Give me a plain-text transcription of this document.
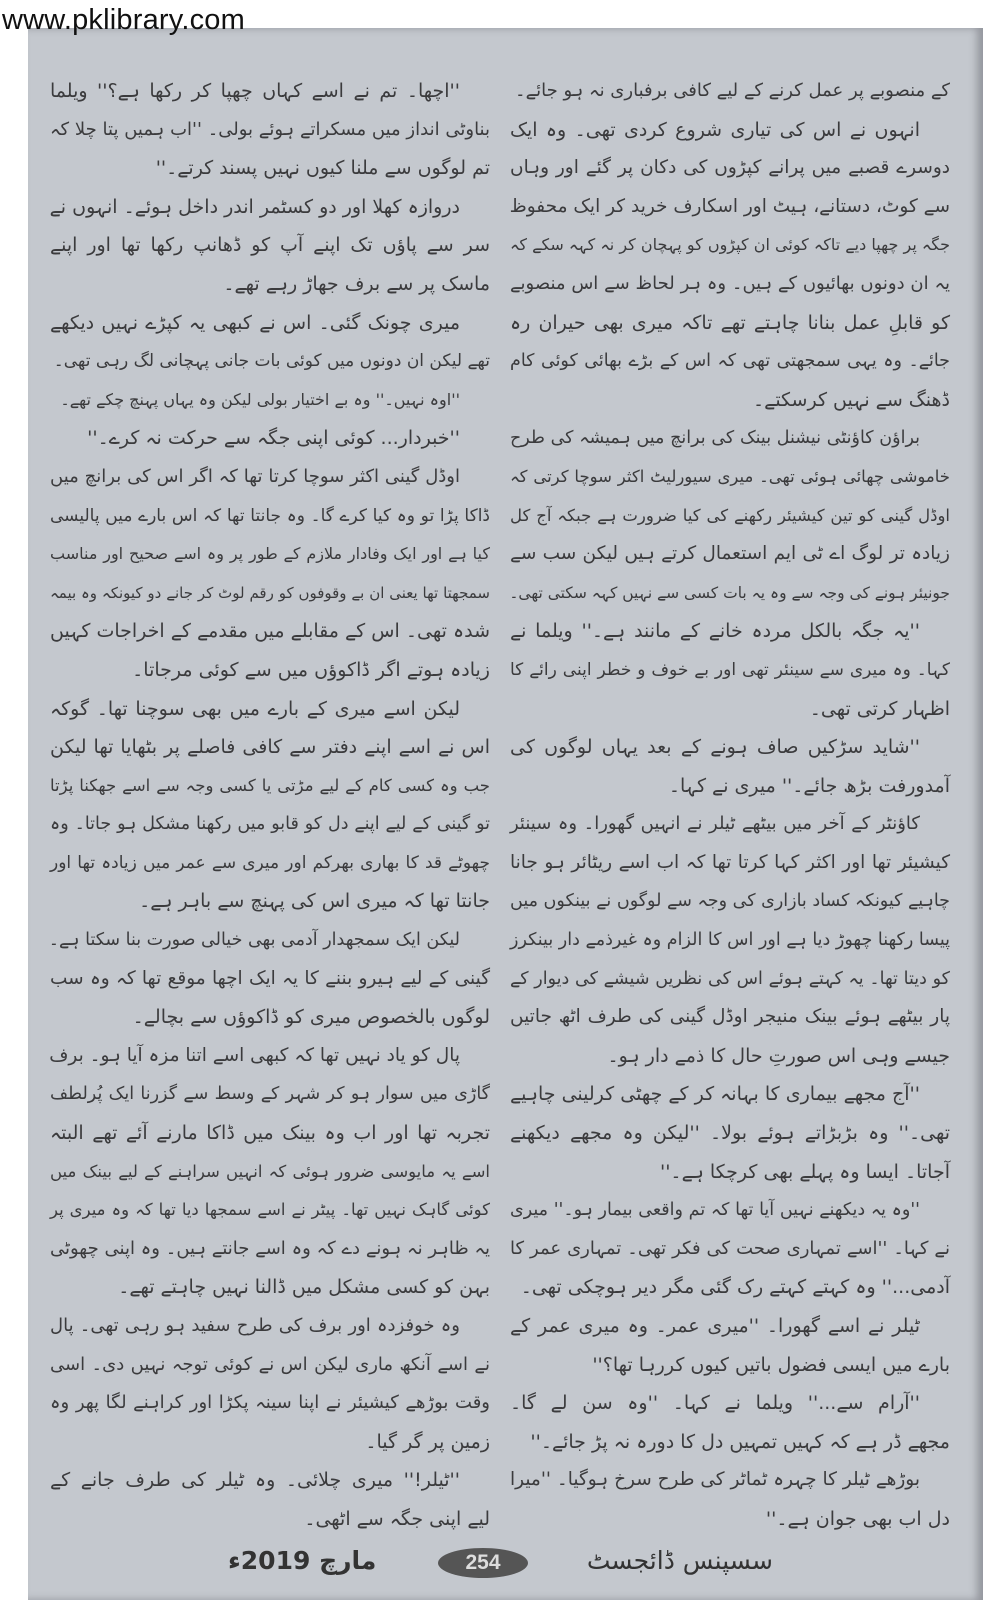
www.pklibrary.com
کے منصوبے پر عمل کرنے کے لیے کافی برفباری نہ ہو جائے۔
انہوں نے اس کی تیاری شروع کردی تھی۔ وہ ایک
دوسرے قصبے میں پرانے کپڑوں کی دکان پر گئے اور وہاں
سے کوٹ، دستانے، ہیٹ اور اسکارف خرید کر ایک محفوظ
جگہ پر چھپا دیے تاکہ کوئی ان کپڑوں کو پہچان کر نہ کہہ سکے کہ
یہ ان دونوں بھائیوں کے ہیں۔ وہ ہر لحاظ سے اس منصوبے
کو قابلِ عمل بنانا چاہتے تھے تاکہ میری بھی حیران رہ
جائے۔ وہ یہی سمجھتی تھی کہ اس کے بڑے بھائی کوئی کام
ڈھنگ سے نہیں کرسکتے۔
براؤن کاؤنٹی نیشنل بینک کی برانچ میں ہمیشہ کی طرح
خاموشی چھائی ہوئی تھی۔ میری سیورلیٹ اکثر سوچا کرتی کہ
اوڈل گینی کو تین کیشیئر رکھنے کی کیا ضرورت ہے جبکہ آج کل
زیادہ تر لوگ اے ٹی ایم استعمال کرتے ہیں لیکن سب سے
جونیئر ہونے کی وجہ سے وہ یہ بات کسی سے نہیں کہہ سکتی تھی۔
''یہ جگہ بالکل مردہ خانے کے مانند ہے۔'' ویلما نے
کہا۔ وہ میری سے سینئر تھی اور بے خوف و خطر اپنی رائے کا
اظہار کرتی تھی۔
''شاید سڑکیں صاف ہونے کے بعد یہاں لوگوں کی
آمدورفت بڑھ جائے۔'' میری نے کہا۔
کاؤنٹر کے آخر میں بیٹھے ٹیلر نے انہیں گھورا۔ وہ سینئر
کیشیئر تھا اور اکثر کہا کرتا تھا کہ اب اسے ریٹائر ہو جانا
چاہیے کیونکہ کساد بازاری کی وجہ سے لوگوں نے بینکوں میں
پیسا رکھنا چھوڑ دیا ہے اور اس کا الزام وہ غیرذمے دار بینکرز
کو دیتا تھا۔ یہ کہتے ہوئے اس کی نظریں شیشے کی دیوار کے
پار بیٹھے ہوئے بینک منیجر اوڈل گینی کی طرف اٹھ جاتیں
جیسے وہی اس صورتِ حال کا ذمے دار ہو۔
''آج مجھے بیماری کا بہانہ کر کے چھٹی کرلینی چاہیے
تھی۔'' وہ بڑبڑاتے ہوئے بولا۔ ''لیکن وہ مجھے دیکھنے
آجاتا۔ ایسا وہ پہلے بھی کرچکا ہے۔''
''وہ یہ دیکھنے نہیں آیا تھا کہ تم واقعی بیمار ہو۔'' میری
نے کہا۔ ''اسے تمہاری صحت کی فکر تھی۔ تمہاری عمر کا
آدمی...'' وہ کہتے کہتے رک گئی مگر دیر ہوچکی تھی۔
ٹیلر نے اسے گھورا۔ ''میری عمر۔ وہ میری عمر کے
بارے میں ایسی فضول باتیں کیوں کررہا تھا؟''
''آرام سے...'' ویلما نے کہا۔ ''وہ سن لے گا۔
مجھے ڈر ہے کہ کہیں تمہیں دل کا دورہ نہ پڑ جائے۔''
بوڑھے ٹیلر کا چہرہ ٹماٹر کی طرح سرخ ہوگیا۔ ''میرا
دل اب بھی جوان ہے۔''
''اچھا۔ تم نے اسے کہاں چھپا کر رکھا ہے؟'' ویلما
بناوٹی انداز میں مسکراتے ہوئے بولی۔ ''اب ہمیں پتا چلا کہ
تم لوگوں سے ملنا کیوں نہیں پسند کرتے۔''
دروازہ کھلا اور دو کسٹمر اندر داخل ہوئے۔ انہوں نے
سر سے پاؤں تک اپنے آپ کو ڈھانپ رکھا تھا اور اپنے
ماسک پر سے برف جھاڑ رہے تھے۔
میری چونک گئی۔ اس نے کبھی یہ کپڑے نہیں دیکھے
تھے لیکن ان دونوں میں کوئی بات جانی پہچانی لگ رہی تھی۔
''اوہ نہیں۔'' وہ بے اختیار بولی لیکن وہ یہاں پہنچ چکے تھے۔
''خبردار... کوئی اپنی جگہ سے حرکت نہ کرے۔''
اوڈل گینی اکثر سوچا کرتا تھا کہ اگر اس کی برانچ میں
ڈاکا پڑا تو وہ کیا کرے گا۔ وہ جانتا تھا کہ اس بارے میں پالیسی
کیا ہے اور ایک وفادار ملازم کے طور پر وہ اسے صحیح اور مناسب
سمجھتا تھا یعنی ان بے وقوفوں کو رقم لوٹ کر جانے دو کیونکہ وہ بیمہ
شدہ تھی۔ اس کے مقابلے میں مقدمے کے اخراجات کہیں
زیادہ ہوتے اگر ڈاکوؤں میں سے کوئی مرجاتا۔
لیکن اسے میری کے بارے میں بھی سوچنا تھا۔ گوکہ
اس نے اسے اپنے دفتر سے کافی فاصلے پر بٹھایا تھا لیکن
جب وہ کسی کام کے لیے مڑتی یا کسی وجہ سے اسے جھکنا پڑتا
تو گینی کے لیے اپنے دل کو قابو میں رکھنا مشکل ہو جاتا۔ وہ
چھوٹے قد کا بھاری بھرکم اور میری سے عمر میں زیادہ تھا اور
جانتا تھا کہ میری اس کی پہنچ سے باہر ہے۔
لیکن ایک سمجھدار آدمی بھی خیالی صورت بنا سکتا ہے۔
گینی کے لیے ہیرو بننے کا یہ ایک اچھا موقع تھا کہ وہ سب
لوگوں بالخصوص میری کو ڈاکوؤں سے بچالے۔
پال کو یاد نہیں تھا کہ کبھی اسے اتنا مزہ آیا ہو۔ برف
گاڑی میں سوار ہو کر شہر کے وسط سے گزرنا ایک پُرلطف
تجربہ تھا اور اب وہ بینک میں ڈاکا مارنے آئے تھے البتہ
اسے یہ مایوسی ضرور ہوئی کہ انہیں سراہنے کے لیے بینک میں
کوئی گاہک نہیں تھا۔ پیٹر نے اسے سمجھا دیا تھا کہ وہ میری پر
یہ ظاہر نہ ہونے دے کہ وہ اسے جانتے ہیں۔ وہ اپنی چھوٹی
بہن کو کسی مشکل میں ڈالنا نہیں چاہتے تھے۔
وہ خوفزدہ اور برف کی طرح سفید ہو رہی تھی۔ پال
نے اسے آنکھ ماری لیکن اس نے کوئی توجہ نہیں دی۔ اسی
وقت بوڑھے کیشیئر نے اپنا سینہ پکڑا اور کراہنے لگا پھر وہ
زمین پر گر گیا۔
''ٹیلر!'' میری چلائی۔ وہ ٹیلر کی طرف جانے کے
لیے اپنی جگہ سے اٹھی۔
سسپنس ڈائجسٹ
254
مارچ 2019ء
